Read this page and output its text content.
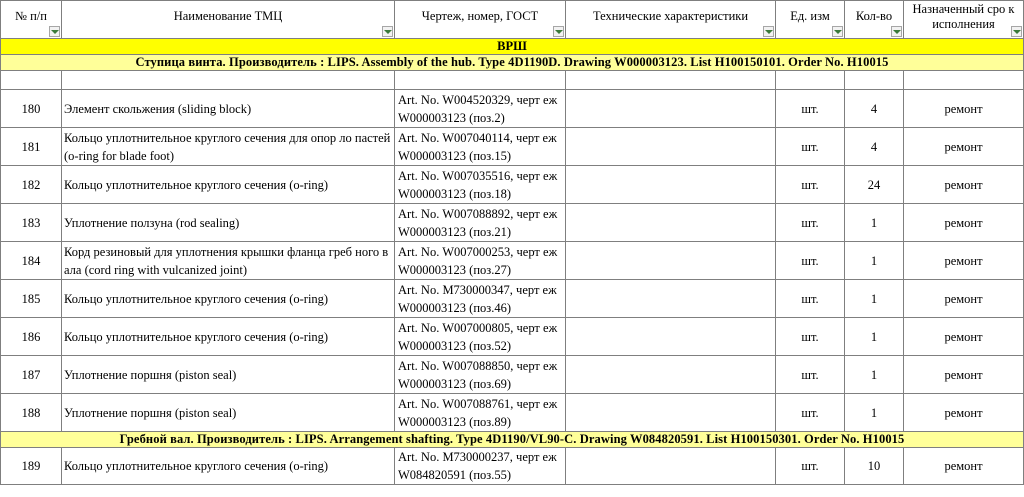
№ п/п	Наименование ТМЦ	Чертеж, номер, ГОСТ	Технические характеристики	Ед. изм	Кол-во	Назначенный сро к исполнения

ВРШ						
Ступица винта. Производитель : LIPS. Assembly of the hub. Type 4D1190D. Drawing W000003123. List H100150101. Order No. H10015						

180	Элемент скольжения (sliding block)	Art. No. W004520329, черт еж W000003123 (поз.2)		шт.	4	ремонт
181	Кольцо уплотнительное круглого сечения для опор ло пастей (o-ring for blade foot)	Art. No. W007040114, черт еж W000003123 (поз.15)		шт.	4	ремонт
182	Кольцо уплотнительное круглого сечения (o-ring)	Art. No. W007035516, черт еж W000003123 (поз.18)		шт.	24	ремонт
183	Уплотнение ползуна (rod sealing)	Art. No. W007088892, черт еж W000003123 (поз.21)		шт.	1	ремонт
184	Корд резиновый для уплотнения крышки фланца греб ного вала (cord ring with vulcanized joint)	Art. No. W007000253, черт еж W000003123 (поз.27)		шт.	1	ремонт
185	Кольцо уплотнительное круглого сечения (o-ring)	Art. No. M730000347, черт еж W000003123 (поз.46)		шт.	1	ремонт
186	Кольцо уплотнительное круглого сечения (o-ring)	Art. No. W007000805, черт еж W000003123 (поз.52)		шт.	1	ремонт
187	Уплотнение поршня (piston seal)	Art. No. W007088850, черт еж W000003123 (поз.69)		шт.	1	ремонт
188	Уплотнение поршня (piston seal)	Art. No. W007088761, черт еж W000003123 (поз.89)		шт.	1	ремонт
Гребной вал. Производитель : LIPS. Arrangement shafting. Type 4D1190/VL90-C. Drawing W084820591. List H100150301. Order No. H10015						
189	Кольцо уплотнительное круглого сечения (o-ring)	Art. No. M730000237, черт еж W084820591 (поз.55)		шт.	10	ремонт
